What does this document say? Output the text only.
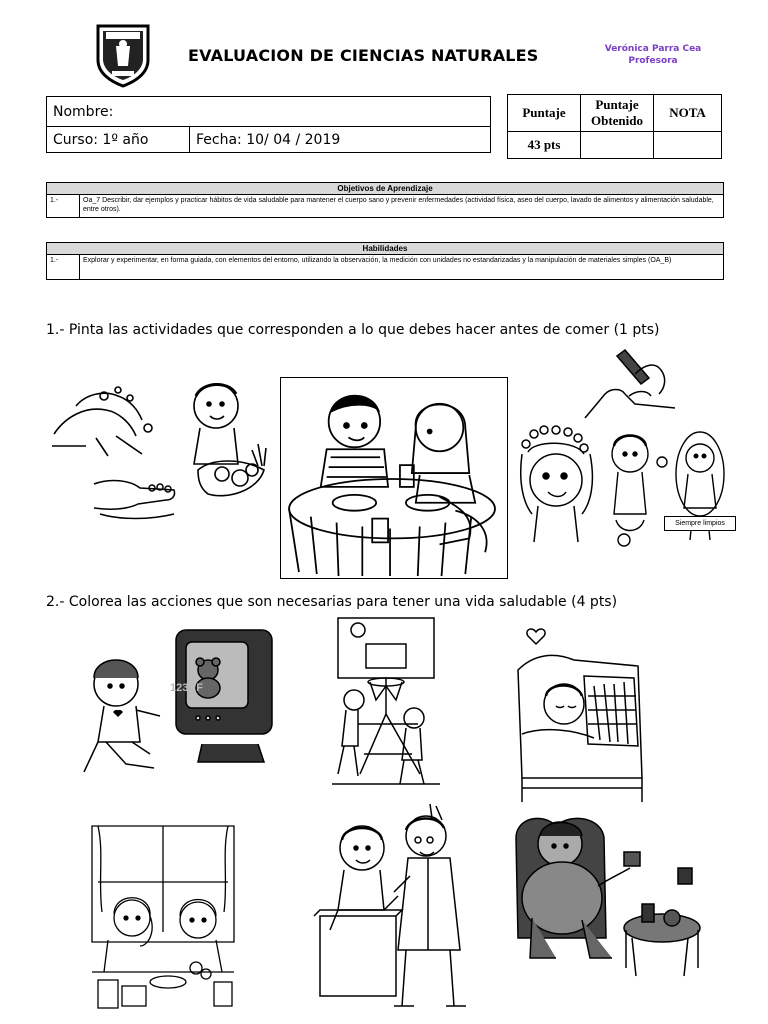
EVALUACION DE CIENCIAS NATURALES	Verónica Parra Cea
Profesora
Nombre:
Curso: 1º año	Fecha: 10/ 04 / 2019
Puntaje	Puntaje Obtenido	NOTA
43 pts		
Objetivos de Aprendizaje
1.-	Oa_7 Describir, dar ejemplos y practicar hábitos de vida saludable para mantener el cuerpo sano y prevenir enfermedades (actividad física, aseo del cuerpo, lavado de alimentos y alimentación saludable, entre otros).
Habilidades
1.-	Explorar y experimentar, en forma guiada, con elementos del entorno, utilizando la observación, la medición con unidades no estandarizadas y la manipulación de materiales simples (OA_B)
1.- Pinta las actividades que corresponden a lo que debes hacer antes de comer (1 pts)
Siempre limpios
2.- Colorea las acciones que son necesarias para tener una vida saludable (4 pts)
123RF
